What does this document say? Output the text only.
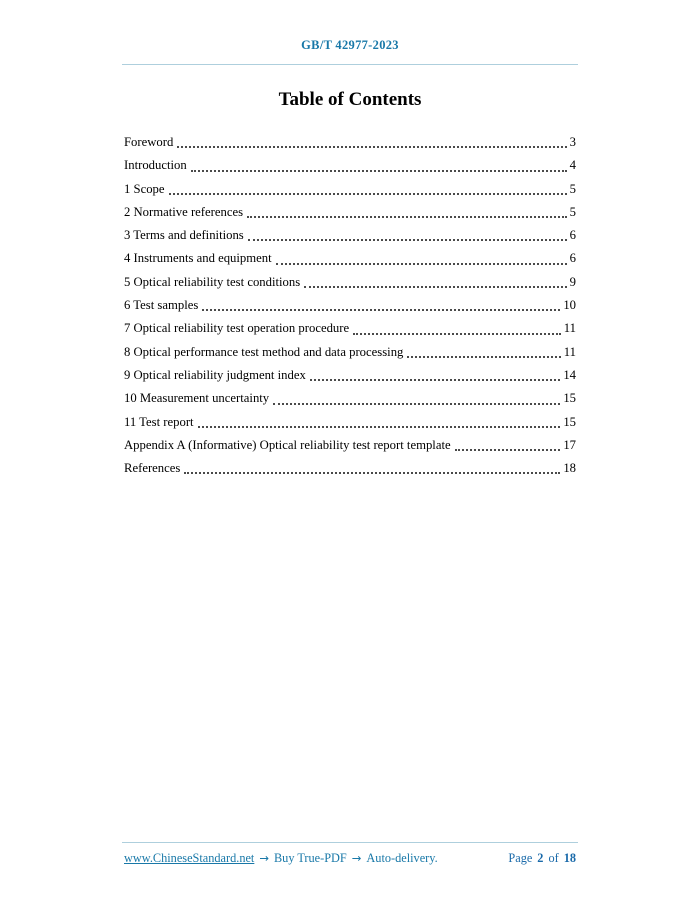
GB/T 42977-2023
Table of Contents
Foreword	3
Introduction	4
1 Scope	5
2 Normative references	5
3 Terms and definitions	6
4 Instruments and equipment	6
5 Optical reliability test conditions	9
6 Test samples	10
7 Optical reliability test operation procedure	11
8 Optical performance test method and data processing	11
9 Optical reliability judgment index	14
10 Measurement uncertainty	15
11 Test report	15
Appendix A (Informative) Optical reliability test report template	17
References	18
www.ChineseStandard.net → Buy True-PDF → Auto-delivery.	Page 2 of 18
